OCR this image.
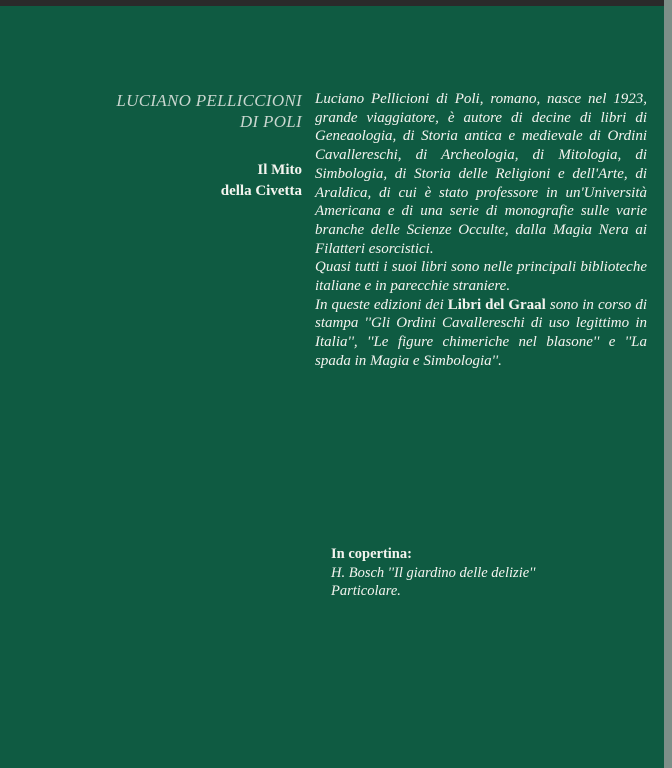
LUCIANO PELLICCIONI
DI POLI

Il Mito
della Civetta

Luciano Pellicioni di Poli, romano, nasce nel 1923, grande viaggiatore, è autore di decine di libri di Geneaologia, di Storia antica e medievale di Ordini Cavallereschi, di Archeologia, di Mitologia, di Simbologia, di Storia delle Religioni e dell'Arte, di Araldica, di cui è stato professore in un'Università Americana e di una serie di monografie sulle varie branche delle Scienze Occulte, dalla Magia Nera ai Filatteri esorcistici.

Quasi tutti i suoi libri sono nelle principali biblioteche italiane e in parecchie straniere.

In queste edizioni dei Libri del Graal sono in corso di stampa ''Gli Ordini Cavallereschi di uso legittimo in Italia'', ''Le figure chimeriche nel blasone'' e ''La spada in Magia e Simbologia''.

In copertina:
H. Bosch ''Il giardino delle delizie''
Particolare.
